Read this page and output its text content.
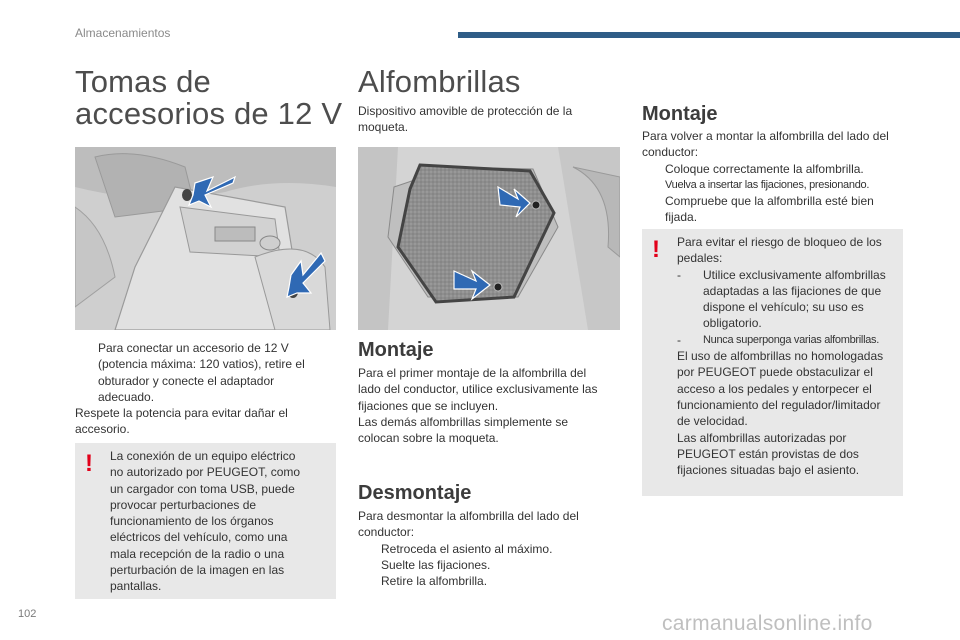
Almacenamientos
Tomas de
accesorios de 12 V

Para conectar un accesorio de 12 V (potencia máxima: 120 vatios), retire el obturador y conecte el adaptador adecuado.

Respete la potencia para evitar dañar el accesorio.

! La conexión de un equipo eléctrico no autorizado por PEUGEOT, como un cargador con toma USB, puede provocar perturbaciones de funcionamiento de los órganos eléctricos del vehículo, como una mala recepción de la radio o una perturbación de la imagen en las pantallas.

Alfombrillas

Dispositivo amovible de protección de la moqueta.

Montaje

Para el primer montaje de la alfombrilla del lado del conductor, utilice exclusivamente las fijaciones que se incluyen.

Las demás alfombrillas simplemente se colocan sobre la moqueta.

Desmontaje

Para desmontar la alfombrilla del lado del conductor:

Retroceda el asiento al máximo.

Suelte las fijaciones.

Retire la alfombrilla.

Montaje

Para volver a montar la alfombrilla del lado del conductor:

Coloque correctamente la alfombrilla.

Vuelva a insertar las fijaciones, presionando.

Compruebe que la alfombrilla esté bien fijada.

! Para evitar el riesgo de bloqueo de los pedales:

- Utilice exclusivamente alfombrillas adaptadas a las fijaciones de que dispone el vehículo; su uso es obligatorio.

- Nunca superponga varias alfombrillas.

El uso de alfombrillas no homologadas por PEUGEOT puede obstaculizar el acceso a los pedales y entorpecer el funcionamiento del regulador/limitador de velocidad.

Las alfombrillas autorizadas por PEUGEOT están provistas de dos fijaciones situadas bajo el asiento.

102	carmanualsonline.info
